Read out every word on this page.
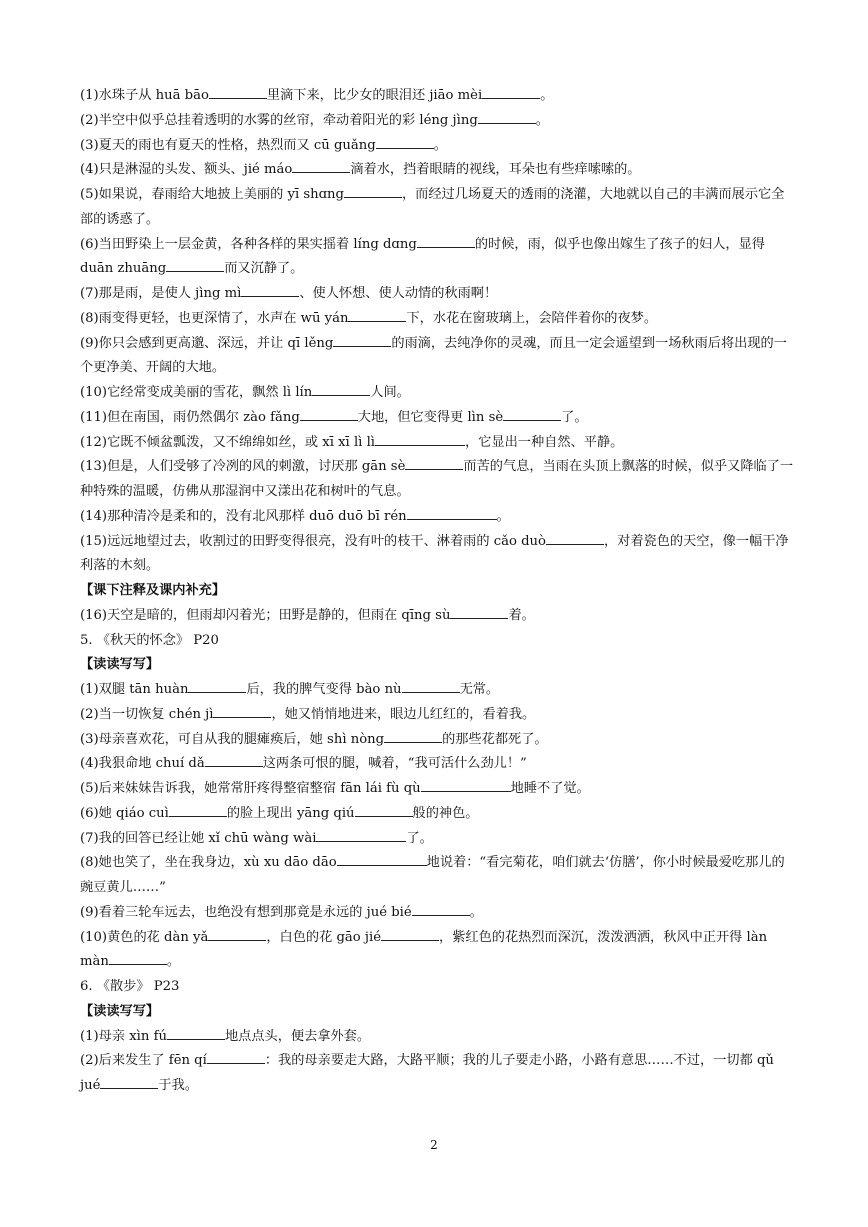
(1)水珠子从 huā bāo	里滴下来，比少女的眼泪还 jiāo mèi	。
(2)半空中似乎总挂着透明的水雾的丝帘，牵动着阳光的彩 léng jìng	。
(3)夏天的雨也有夏天的性格，热烈而又 cū guǎng	。
(4)只是淋湿的头发、额头、jié máo	滴着水，挡着眼睛的视线，耳朵也有些痒嗦嗦的。
(5)如果说，春雨给大地披上美丽的 yī shɑng	，而经过几场夏天的透雨的浇灌，大地就以自己的丰满而展示它全部的诱惑了。
(6)当田野染上一层金黄，各种各样的果实摇着 líng dɑng	的时候，雨，似乎也像出嫁生了孩子的妇人，显得 duān zhuāng	而又沉静了。
(7)那是雨，是使人 jìng mì	、使人怀想、使人动情的秋雨啊！
(8)雨变得更轻，也更深情了，水声在 wū yán	下，水花在窗玻璃上，会陪伴着你的夜梦。
(9)你只会感到更高邈、深远，并让 qī lěng	的雨滴，去纯净你的灵魂，而且一定会遥望到一场秋雨后将出现的一个更净美、开阔的大地。
(10)它经常变成美丽的雪花，飘然 lì lín	人间。
(11)但在南国，雨仍然偶尔 zào fǎng	大地，但它变得更 lìn sè	了。
(12)它既不倾盆瓢泼，又不绵绵如丝，或 xī xī lì lì	，它显出一种自然、平静。
(13)但是，人们受够了冷冽的风的刺激，讨厌那 gān sè	而苦的气息，当雨在头顶上飘落的时候，似乎又降临了一种特殊的温暖，仿佛从那湿润中又漾出花和树叶的气息。
(14)那种清冷是柔和的，没有北风那样 duō duō bī rén	。
(15)远远地望过去，收割过的田野变得很亮，没有叶的枝干、淋着雨的 cǎo duò	，对着瓷色的天空，像一幅干净利落的木刻。
【课下注释及课内补充】
(16)天空是暗的，但雨却闪着光；田野是静的，但雨在 qīng sù	着。
5. 《秋天的怀念》 P20
【读读写写】
(1)双腿 tān huàn	后，我的脾气变得 bào nù	无常。
(2)当一切恢复 chén jì	，她又悄悄地进来，眼边儿红红的，看着我。
(3)母亲喜欢花，可自从我的腿瘫痪后，她 shì nòng	的那些花都死了。
(4)我狠命地 chuí dǎ	这两条可恨的腿，喊着，“我可活什么劲儿！”
(5)后来妹妹告诉我，她常常肝疼得整宿整宿 fān lái fù qù	地睡不了觉。
(6)她 qiáo cuì	的脸上现出 yāng qiú	般的神色。
(7)我的回答已经让她 xǐ chū wàng wài	了。
(8)她也笑了，坐在我身边，xù xu dāo dāo	地说着：“看完菊花，咱们就去‘仿膳’，你小时候最爱吃那儿的豌豆黄儿……”
(9)看着三轮车远去，也绝没有想到那竟是永远的 jué bié	。
(10)黄色的花 dàn yǎ	，白色的花 gāo jié	，紫红色的花热烈而深沉，泼泼洒洒，秋风中正开得 làn màn	。
6. 《散步》 P23
【读读写写】
(1)母亲 xìn fú	地点点头，便去拿外套。
(2)后来发生了 fēn qí	：我的母亲要走大路，大路平顺；我的儿子要走小路，小路有意思……不过，一切都 qǔ jué	于我。
2
